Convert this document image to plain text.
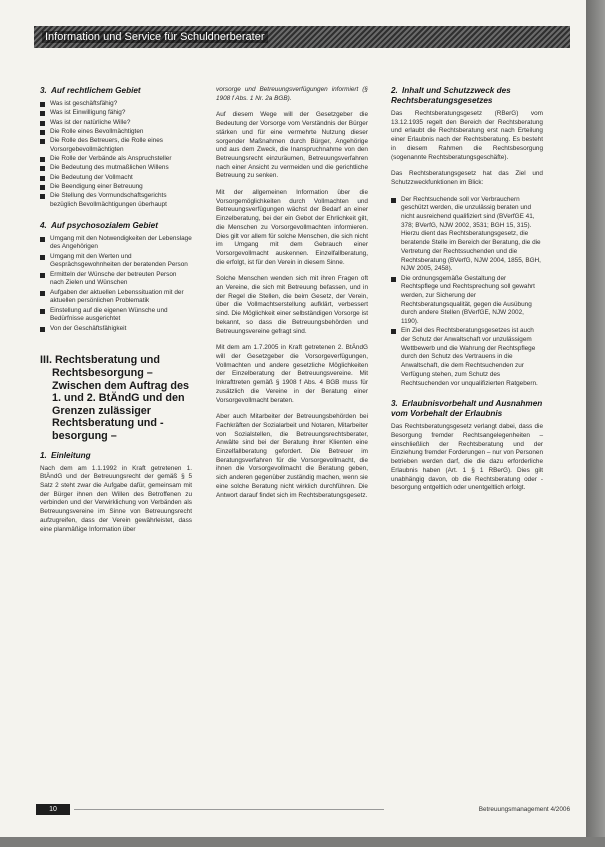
Information und Service für Schuldnerberater
3. Auf rechtlichem Gebiet
Was ist geschäftsfähig?
Was ist Einwilligung fähig?
Was ist der natürliche Wille?
Die Rolle eines Bevollmächtigten
Die Rolle des Betreuers, die Rolle eines Vorsorgebevollmächtigten
Die Rolle der Verbände als Anspruchsteller
Die Bedeutung des mutmaßlichen Willens
Die Bedeutung der Vollmacht
Die Beendigung einer Betreuung
Die Stellung des Vormundschaftsgerichts bezüglich Bevollmächtigungen überhaupt
4. Auf psychosozialem Gebiet
Umgang mit den Notwendigkeiten der Lebenslage des Angehörigen
Umgang mit den Werten und Gesprächsgewohnheiten der beratenden Person
Ermitteln der Wünsche der betreuten Person nach Zielen und Wünschen
Aufgaben der aktuellen Lebenssituation mit der aktuellen persönlichen Problematik
Einstellung auf die eigenen Wünsche und Bedürfnisse ausgerichtet
Von der Geschäftsfähigkeit
III. Rechtsberatung und Rechtsbesorgung – Zwischen dem Auftrag des 1. und 2. BtÄndG und den Grenzen zulässiger Rechtsberatung und -besorgung –
1. Einleitung

Nach dem am 1.1.1992 in Kraft getretenen 1. BtÄndG und der Betreuungsrecht der gemäß § 5 Satz 2 steht zwar die Aufgabe dafür, gemeinsam mit der Bürger ihnen den Willen des Betroffenen zu verbinden und der Verwirklichung von Verbänden als Betreuungsvereine im Sinne von Betreuungsrecht aufzugreifen, dass der Verein gewährleistet, dass eine planmäßige Information über

vorsorge und Betreuungsverfügungen informiert (§ 1908 f Abs. 1 Nr. 2a BGB).

Auf diesem Wege will der Gesetzgeber die Bedeutung der Vorsorge vom Verständnis der Bürger stärken und für eine vermehrte Nutzung dieser sorgender Maßnahmen durch Bürger, Angehörige und aus dem Zweck, die Inanspruchnahme von den Betreuungsrecht einzuräumen, Betreuungsverfahren nach einer Ansicht zu vermeiden und die gerichtliche Betreuung zu senken.

Mit der allgemeinen Information über die Vorsorgemöglichkeiten durch Vollmachten und Betreuungsverfügungen wächst der Bedarf an einer Einzelberatung, bei der ein Gebot der Ehrlichkeit gilt, die Menschen zu Vorsorgevollmachten informieren. Dies gilt vor allem für solche Menschen, die sich nicht im Umgang mit dem Gebrauch einer Vorsorgevollmacht auskennen. Einzelfallberatung, die erfolgt, ist für den Verein in diesem Sinne.

Solche Menschen wenden sich mit ihren Fragen oft an Vereine, die sich mit Betreuung befassen, und in der Regel die Stellen, die beim Gesetz, der Verein, über die Vollmachtserstellung aufklärt, verbessert sind. Die Möglichkeit einer selbständigen Vorsorge ist bekannt, so dass die Betreuungsbehörden und Betreuungsvereine gefragt sind.

Mit dem am 1.7.2005 in Kraft getretenen 2. BtÄndG will der Gesetzgeber die Vorsorgeverfügungen, Vollmachten und andere gesetzliche Möglichkeiten der Einzelberatung der Betreuungsvereine. Mit Inkrafttreten gemäß § 1908 f Abs. 4 BGB muss für zusätzlich die Vereine in der Beratung einer Vorsorgevollmacht beraten.

Aber auch Mitarbeiter der Betreuungsbehörden bei Fachkräften der Sozialarbeit und Notaren, Mitarbeiter von Sozialstellen, die Betreuungsrechtsberater, Anwälte sind bei der Beratung ihrer Klienten eine Einzelfallberatung gefordert. Die Betreuer im Beratungsverfahren für die Vorsorgevollmacht, die ihnen die Vorsorgevollmacht die Beratung geben, sich anderen gegenüber zuständig machen, wenn sie eine solche Beratung nicht wirklich durchführen. Die Antwort darauf findet sich im Rechtsberatungsgesetz.

2. Inhalt und Schutzzweck des Rechtsberatungsgesetzes

Das Rechtsberatungsgesetz (RBerG) vom 13.12.1935 regelt den Bereich der Rechtsberatung und erlaubt die Rechtsberatung erst nach Erteilung einer Erlaubnis nach der Rechtsberatung. Es besteht in diesem Rahmen die Rechtsbesorgung (sogenannte Rechtsberatungsgeschäfte).

Das Rechtsberatungsgesetz hat das Ziel und Schutzzweckfunktionen im Blick:

Der Rechtsuchende soll vor Verbrauchern geschützt werden, die unzulässig beraten und nicht ausreichend qualifiziert sind (BVerfGE 41, 378; BVerfG, NJW 2002, 3531; BGH 15, 315). Hierzu dient das Rechtsberatungsgesetz, die beratende Stelle im Bereich der Beratung, die die Vertretung der Rechtssuchenden und die Rechtsberatung (BVerfG, NJW 2004, 1855, BGH, NJW 2005, 2458).
Die ordnungsgemäße Gestaltung der Rechtspflege und Rechtsprechung soll gewahrt werden, zur Sicherung der Rechtsberatungsqualität, gegen die Ausübung durch andere Stellen (BVerfGE, NJW 2002, 1190).
Ein Ziel des Rechtsberatungsgesetzes ist auch der Schutz der Anwaltschaft vor unzulässigem Wettbewerb und die Wahrung der Rechtspflege durch den Schutz des Vertrauens in die Anwaltschaft, die dem Rechtsuchenden zur Verfügung stehen, zum Schutz des Rechtsuchenden vor unqualifizierten Ratgebern.
3. Erlaubnisvorbehalt und Ausnahmen vom Vorbehalt der Erlaubnis

Das Rechtsberatungsgesetz verlangt dabei, dass die Besorgung fremder Rechtsangelegenheiten – einschließlich der Rechtsberatung und der Einziehung fremder Forderungen – nur von Personen betrieben werden darf, die die dazu erforderliche Erlaubnis haben (Art. 1 § 1 RBerG). Dies gilt unabhängig davon, ob die Rechtsberatung oder -besorgung entgeltlich oder unentgeltlich erfolgt.

10	Betreuungsmanagement 4/2006
